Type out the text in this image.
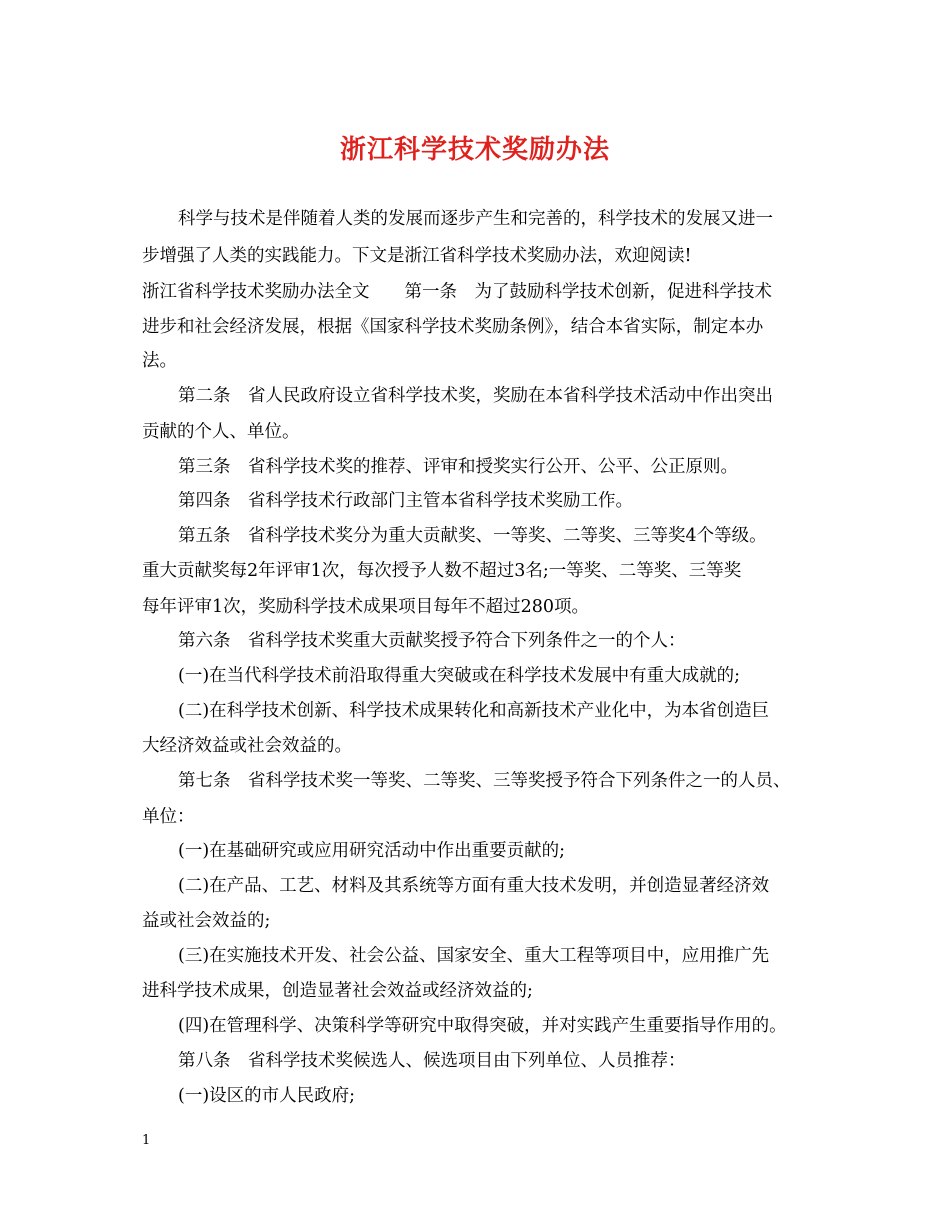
浙江科学技术奖励办法
科学与技术是伴随着人类的发展而逐步产生和完善的，科学技术的发展又进一
步增强了人类的实践能力。下文是浙江省科学技术奖励办法，欢迎阅读!
浙江省科学技术奖励办法全文　　第一条　为了鼓励科学技术创新，促进科学技术
进步和社会经济发展，根据《国家科学技术奖励条例》，结合本省实际，制定本办
法。
第二条　省人民政府设立省科学技术奖，奖励在本省科学技术活动中作出突出
贡献的个人、单位。
第三条　省科学技术奖的推荐、评审和授奖实行公开、公平、公正原则。
第四条　省科学技术行政部门主管本省科学技术奖励工作。
第五条　省科学技术奖分为重大贡献奖、一等奖、二等奖、三等奖4个等级。
重大贡献奖每2年评审1次，每次授予人数不超过3名;一等奖、二等奖、三等奖
每年评审1次，奖励科学技术成果项目每年不超过280项。
第六条　省科学技术奖重大贡献奖授予符合下列条件之一的个人：
(一)在当代科学技术前沿取得重大突破或在科学技术发展中有重大成就的;
(二)在科学技术创新、科学技术成果转化和高新技术产业化中，为本省创造巨
大经济效益或社会效益的。
第七条　省科学技术奖一等奖、二等奖、三等奖授予符合下列条件之一的人员、
单位：
(一)在基础研究或应用研究活动中作出重要贡献的;
(二)在产品、工艺、材料及其系统等方面有重大技术发明，并创造显著经济效
益或社会效益的;
(三)在实施技术开发、社会公益、国家安全、重大工程等项目中，应用推广先
进科学技术成果，创造显著社会效益或经济效益的;
(四)在管理科学、决策科学等研究中取得突破，并对实践产生重要指导作用的。
第八条　省科学技术奖候选人、候选项目由下列单位、人员推荐：
(一)设区的市人民政府;
1
